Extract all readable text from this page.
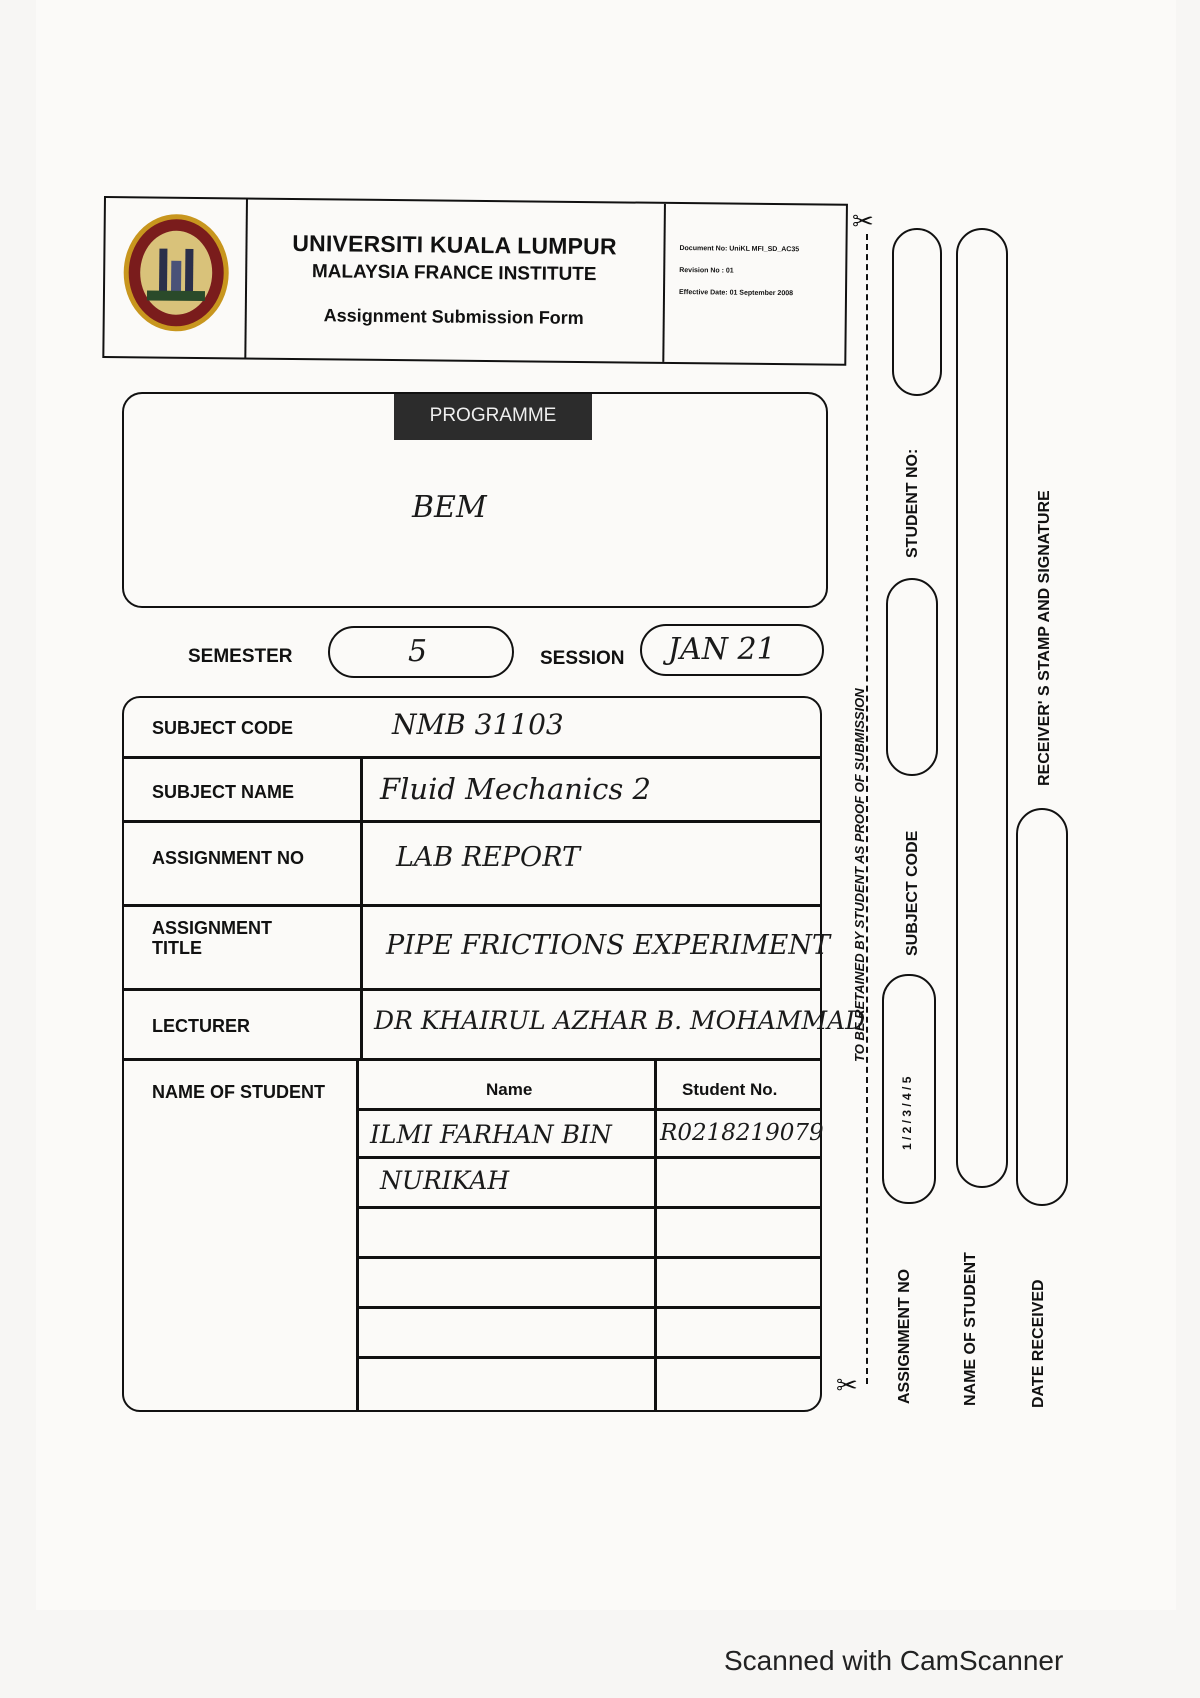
UNIVERSITI KUALA LUMPUR
MALAYSIA FRANCE INSTITUTE
Assignment Submission Form
Document No: UniKL MFI_SD_AC35
Revision No : 01
Effective Date: 01 September 2008
PROGRAMME
BEM
SEMESTER	5	SESSION JAN 21
SUBJECT CODE	NMB 31103
SUBJECT NAME	Fluid Mechanics 2
ASSIGNMENT NO	LAB REPORT
ASSIGNMENT
TITLE	PIPE FRICTIONS EXPERIMENT
LECTURER	DR KHAIRUL AZHAR B. MOHAMMAD
NAME OF STUDENT	Name	Student No.
ILMI FARHAN BIN R0218219079
NURIKAH
✂
✂
TO BE RETAINED BY STUDENT AS PROOF OF SUBMISSION
STUDENT NO:
SUBJECT CODE
1 / 2 / 3 / 4 / 5
ASSIGNMENT NO	NAME OF STUDENT
RECEIVER' S STAMP AND SIGNATURE
DATE RECEIVED
Scanned with CamScanner
